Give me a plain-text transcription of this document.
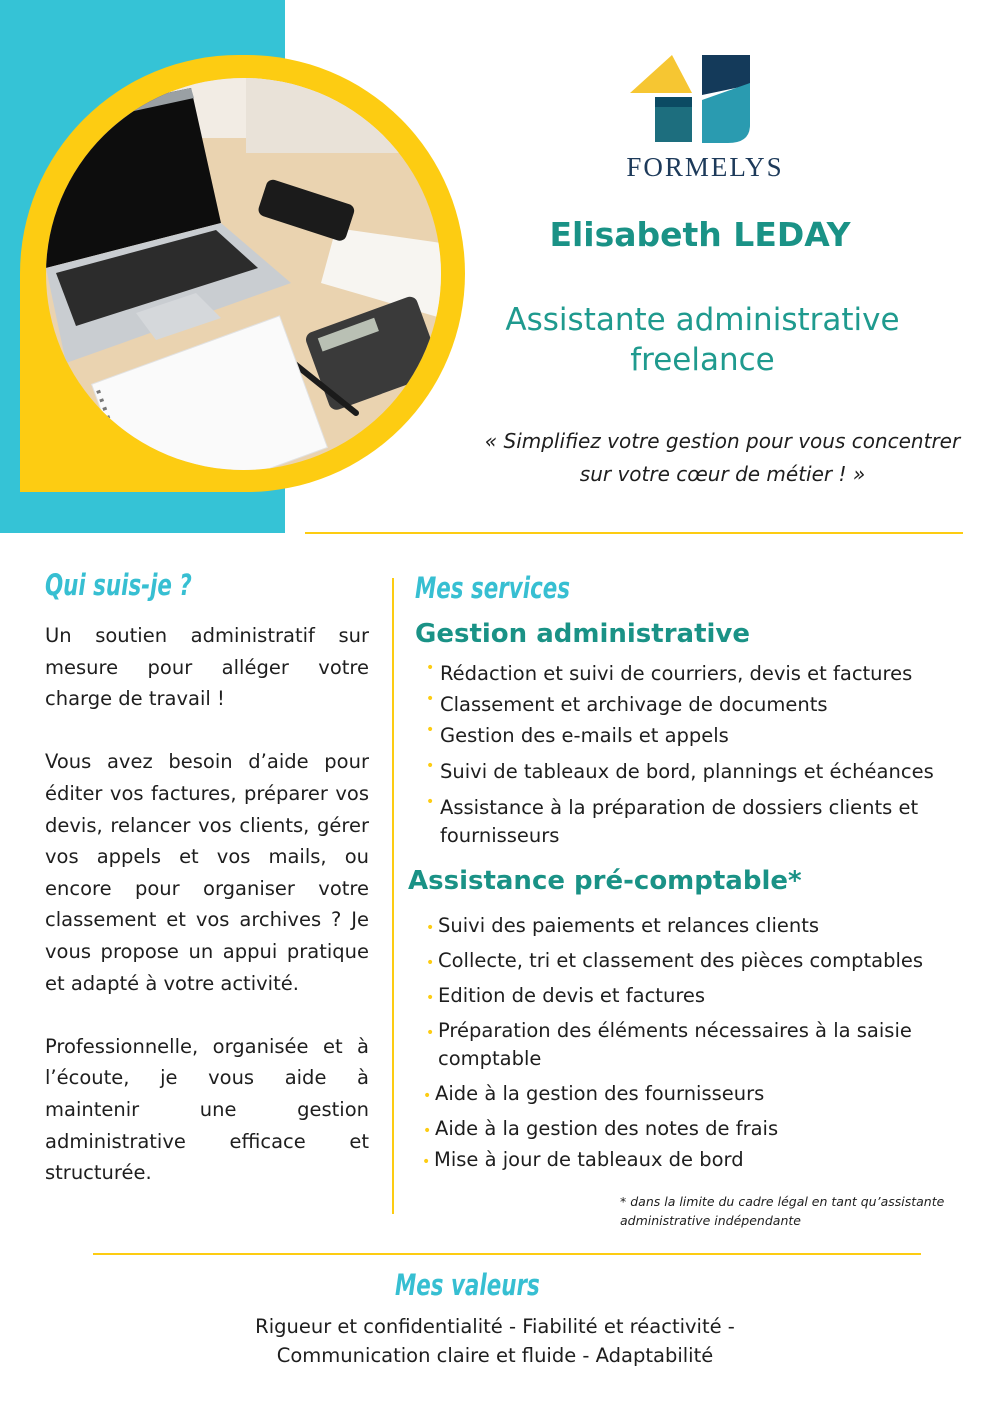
FORMELYS
Elisabeth LEDAY
Assistante administrative
freelance
« Simplifiez votre gestion pour vous concentrer
sur votre cœur de métier ! »
Qui suis-je ?

Un soutien administratif sur mesure pour alléger votre charge de travail !

Vous avez besoin d’aide pour éditer vos factures, préparer vos devis, relancer vos clients, gérer vos appels et vos mails, ou encore pour organiser votre classement et vos archives ? Je vous propose un appui pratique et adapté à votre activité.

Professionnelle, organisée et à l’écoute, je vous aide à maintenir une gestion administrative efficace et structurée.

Mes services
Gestion administrative
• Rédaction et suivi de courriers, devis et factures
• Classement et archivage de documents
• Gestion des e-mails et appels
• Suivi de tableaux de bord, plannings et échéances
• Assistance à la préparation de dossiers clients et fournisseurs
Assistance pré-comptable*
• Suivi des paiements et relances clients
• Collecte, tri et classement des pièces comptables
• Edition de devis et factures
• Préparation des éléments nécessaires à la saisie comptable
• Aide à la gestion des fournisseurs
• Aide à la gestion des notes de frais
• Mise à jour de tableaux de bord
* dans la limite du cadre légal en tant qu’assistante administrative indépendante
Mes valeurs
Rigueur et confidentialité - Fiabilité et réactivité -
Communication claire et fluide - Adaptabilité
